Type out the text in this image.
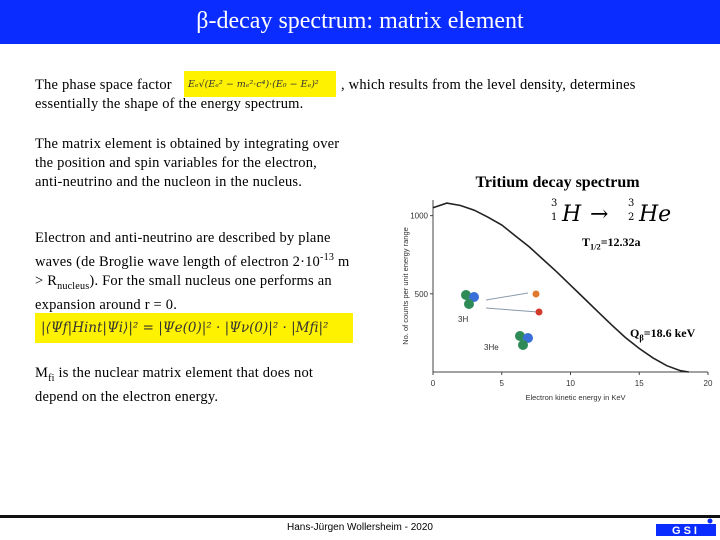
β-decay spectrum: matrix element
The phase space factor	Eₑ√(Eₑ² − mₑ²·c⁴)·(E₀ − Eₑ)²	, which results from the level density, determines
essentially the shape of the energy spectrum.
The matrix element is obtained by integrating over the position and spin variables for the electron, anti-neutrino and the nucleon in the nucleus.
Electron and anti-neutrino are described by plane waves (de Broglie wave length of electron $2\cdot 10^{-13}$ $m > R_{nucleus}$). For the small nucleus one performs an expansion around r = 0.
|⟨Ψf|Hint|Ψi⟩|² = |Ψe(0)|² · |Ψν(0)|² · |Mfi|²
$M_{fi}$ is the nuclear matrix element that does not depend on the electron energy.
0	5	10	15	20
500
1000
Electron kinetic energy in KeV
No. of counts per unit energy range	3H
3He
Tritium decay spectrum
3
1 H → 3
2 He
$T_{1/2}=12.32a$
$Q_\beta=18.6$ keV
Hans-Jürgen Wollersheim - 2020	GSI
